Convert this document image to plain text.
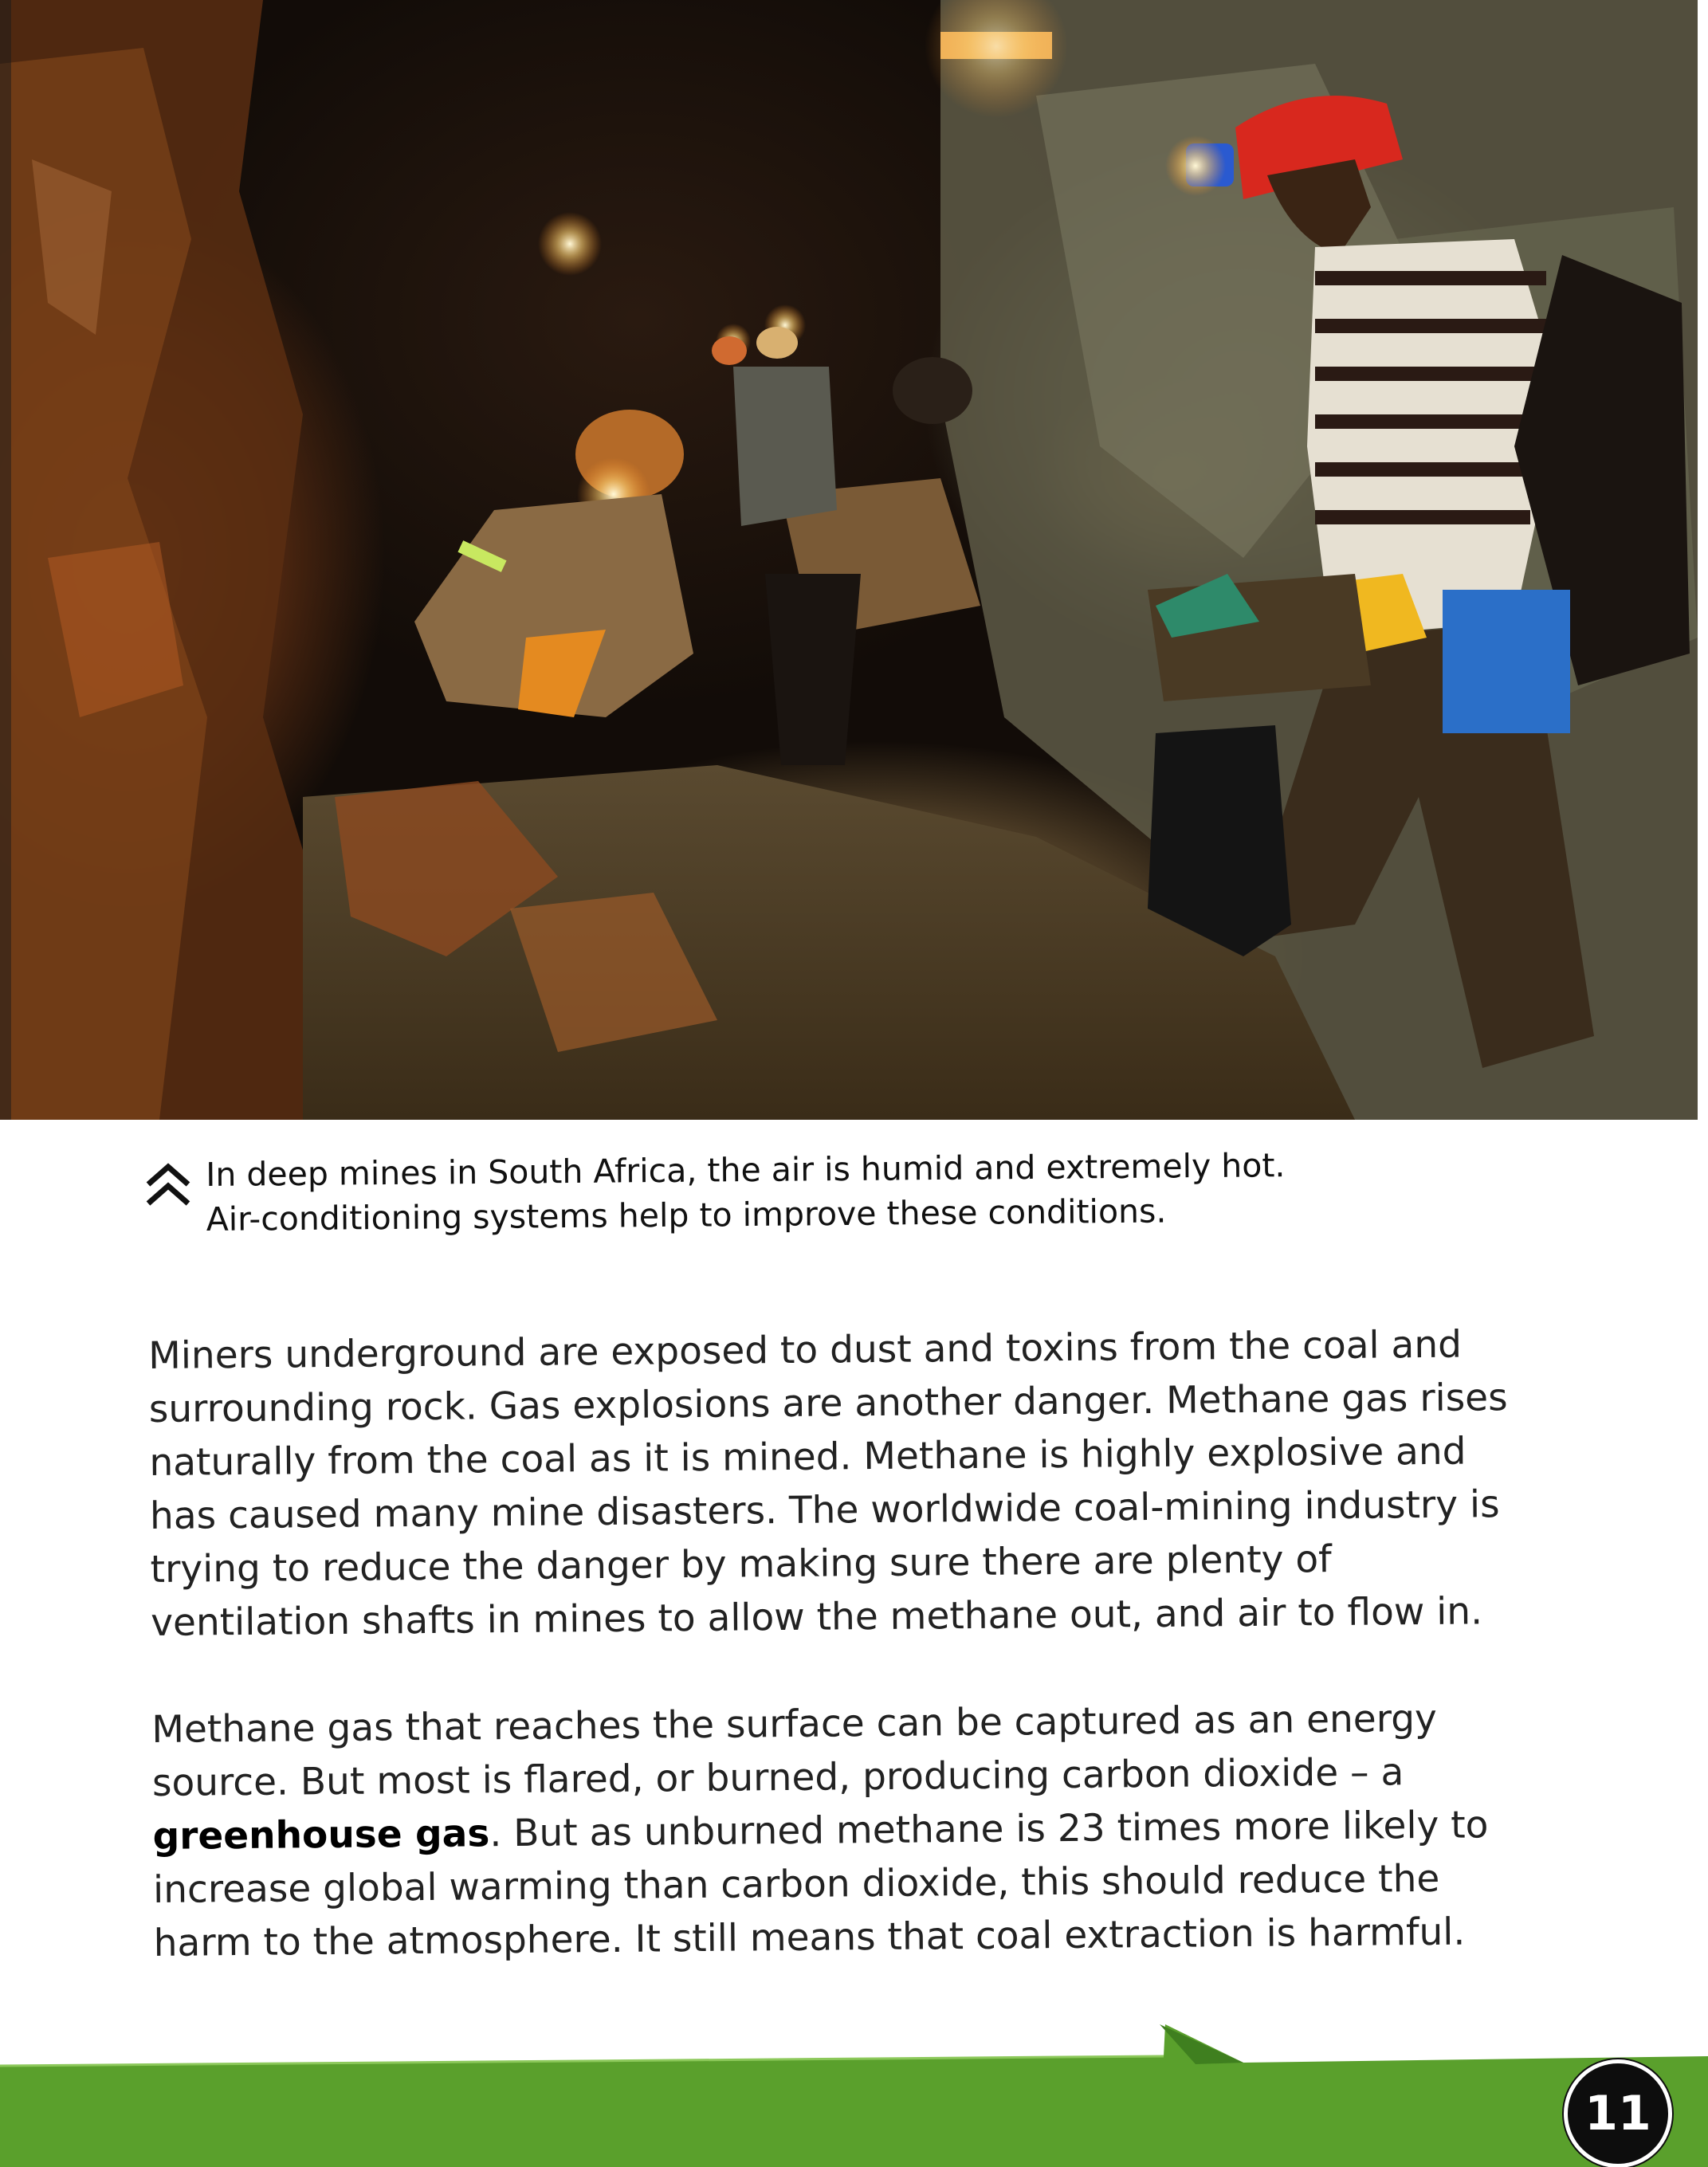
In deep mines in South Africa, the air is humid and extremely hot.

Air-conditioning systems help to improve these conditions.

Miners underground are exposed to dust and toxins from the coal and surrounding rock. Gas explosions are another danger. Methane gas rises naturally from the coal as it is mined. Methane is highly explosive and has caused many mine disasters. The worldwide coal-mining industry is trying to reduce the danger by making sure there are plenty of ventilation shafts in mines to allow the methane out, and air to flow in.

Methane gas that reaches the surface can be captured as an energy source. But most is flared, or burned, producing carbon dioxide – a greenhouse gas. But as unburned methane is 23 times more likely to increase global warming than carbon dioxide, this should reduce the harm to the atmosphere. It still means that coal extraction is harmful.

11
